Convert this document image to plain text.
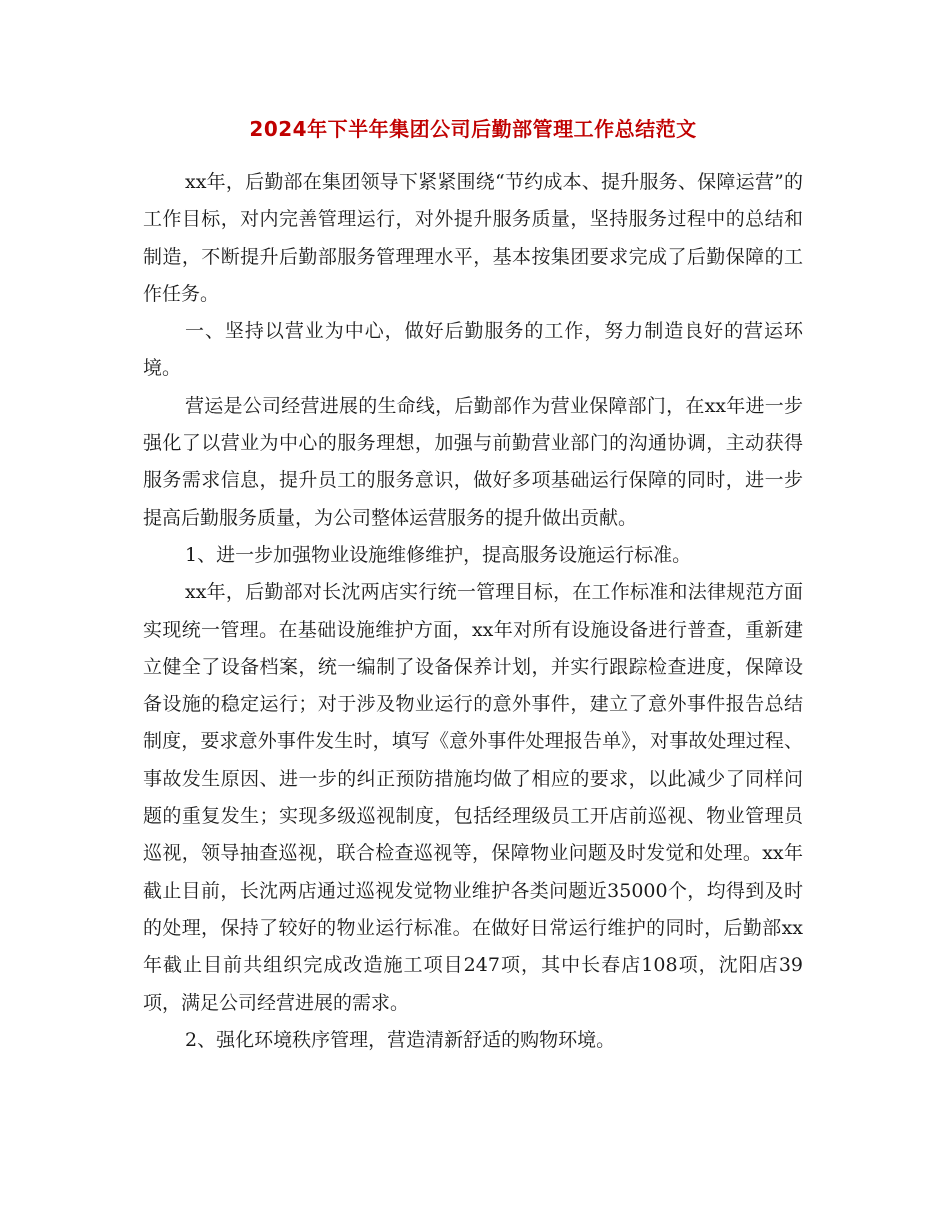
2024年下半年集团公司后勤部管理工作总结范文

xx年，后勤部在集团领导下紧紧围绕“节约成本、提升服务、保障运营”的工作目标，对内完善管理运行，对外提升服务质量，坚持服务过程中的总结和制造，不断提升后勤部服务管理理水平，基本按集团要求完成了后勤保障的工作任务。

一、坚持以营业为中心，做好后勤服务的工作，努力制造良好的营运环境。

营运是公司经营进展的生命线，后勤部作为营业保障部门，在xx年进一步强化了以营业为中心的服务理想，加强与前勤营业部门的沟通协调，主动获得服务需求信息，提升员工的服务意识，做好多项基础运行保障的同时，进一步提高后勤服务质量，为公司整体运营服务的提升做出贡献。

1、进一步加强物业设施维修维护，提高服务设施运行标准。

xx年，后勤部对长沈两店实行统一管理目标，在工作标准和法律规范方面实现统一管理。在基础设施维护方面，xx年对所有设施设备进行普查，重新建立健全了设备档案，统一编制了设备保养计划，并实行跟踪检查进度，保障设备设施的稳定运行；对于涉及物业运行的意外事件，建立了意外事件报告总结制度，要求意外事件发生时，填写《意外事件处理报告单》，对事故处理过程、事故发生原因、进一步的纠正预防措施均做了相应的要求，以此减少了同样问题的重复发生；实现多级巡视制度，包括经理级员工开店前巡视、物业管理员 巡视，领导抽查巡视，联合检查巡视等，保障物业问题及时发觉和处理。xx年截止目前，长沈两店通过巡视发觉物业维护各类问题近35000个，均得到及时的处理，保持了较好的物业运行标准。在做好日常运行维护的同时，后勤部xx年截止目前共组织完成改造施工项目247项，其中长春店108项，沈阳店39项，满足公司经营进展的需求。

2、强化环境秩序管理，营造清新舒适的购物环境。
